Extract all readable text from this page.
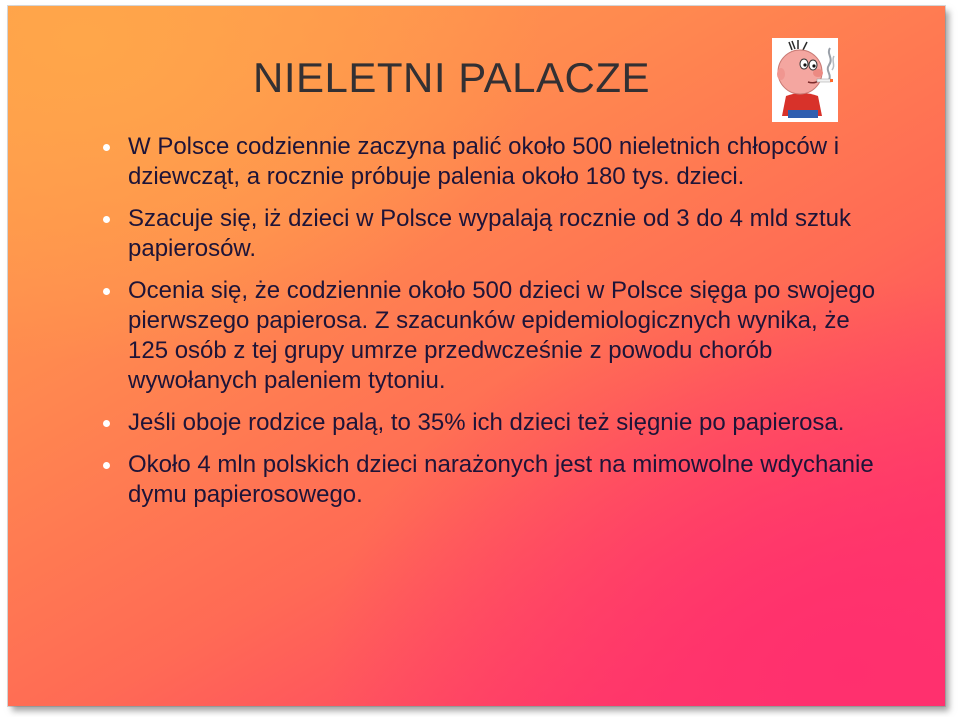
NIELETNI PALACZE
W Polsce codziennie zaczyna palić około 500 nieletnich chłopców i dziewcząt, a rocznie próbuje palenia około 180 tys. dzieci.
Szacuje się, iż dzieci w Polsce wypalają rocznie od 3 do 4 mld sztuk papierosów.
Ocenia się, że codziennie około 500 dzieci w Polsce sięga po swojego pierwszego papierosa. Z szacunków epidemiologicznych wynika, że 125 osób z tej grupy umrze przedwcześnie z powodu chorób wywołanych paleniem tytoniu.
Jeśli oboje rodzice palą, to 35% ich dzieci też sięgnie po papierosa.
Około 4 mln polskich dzieci narażonych jest na mimowolne wdychanie dymu papierosowego.
